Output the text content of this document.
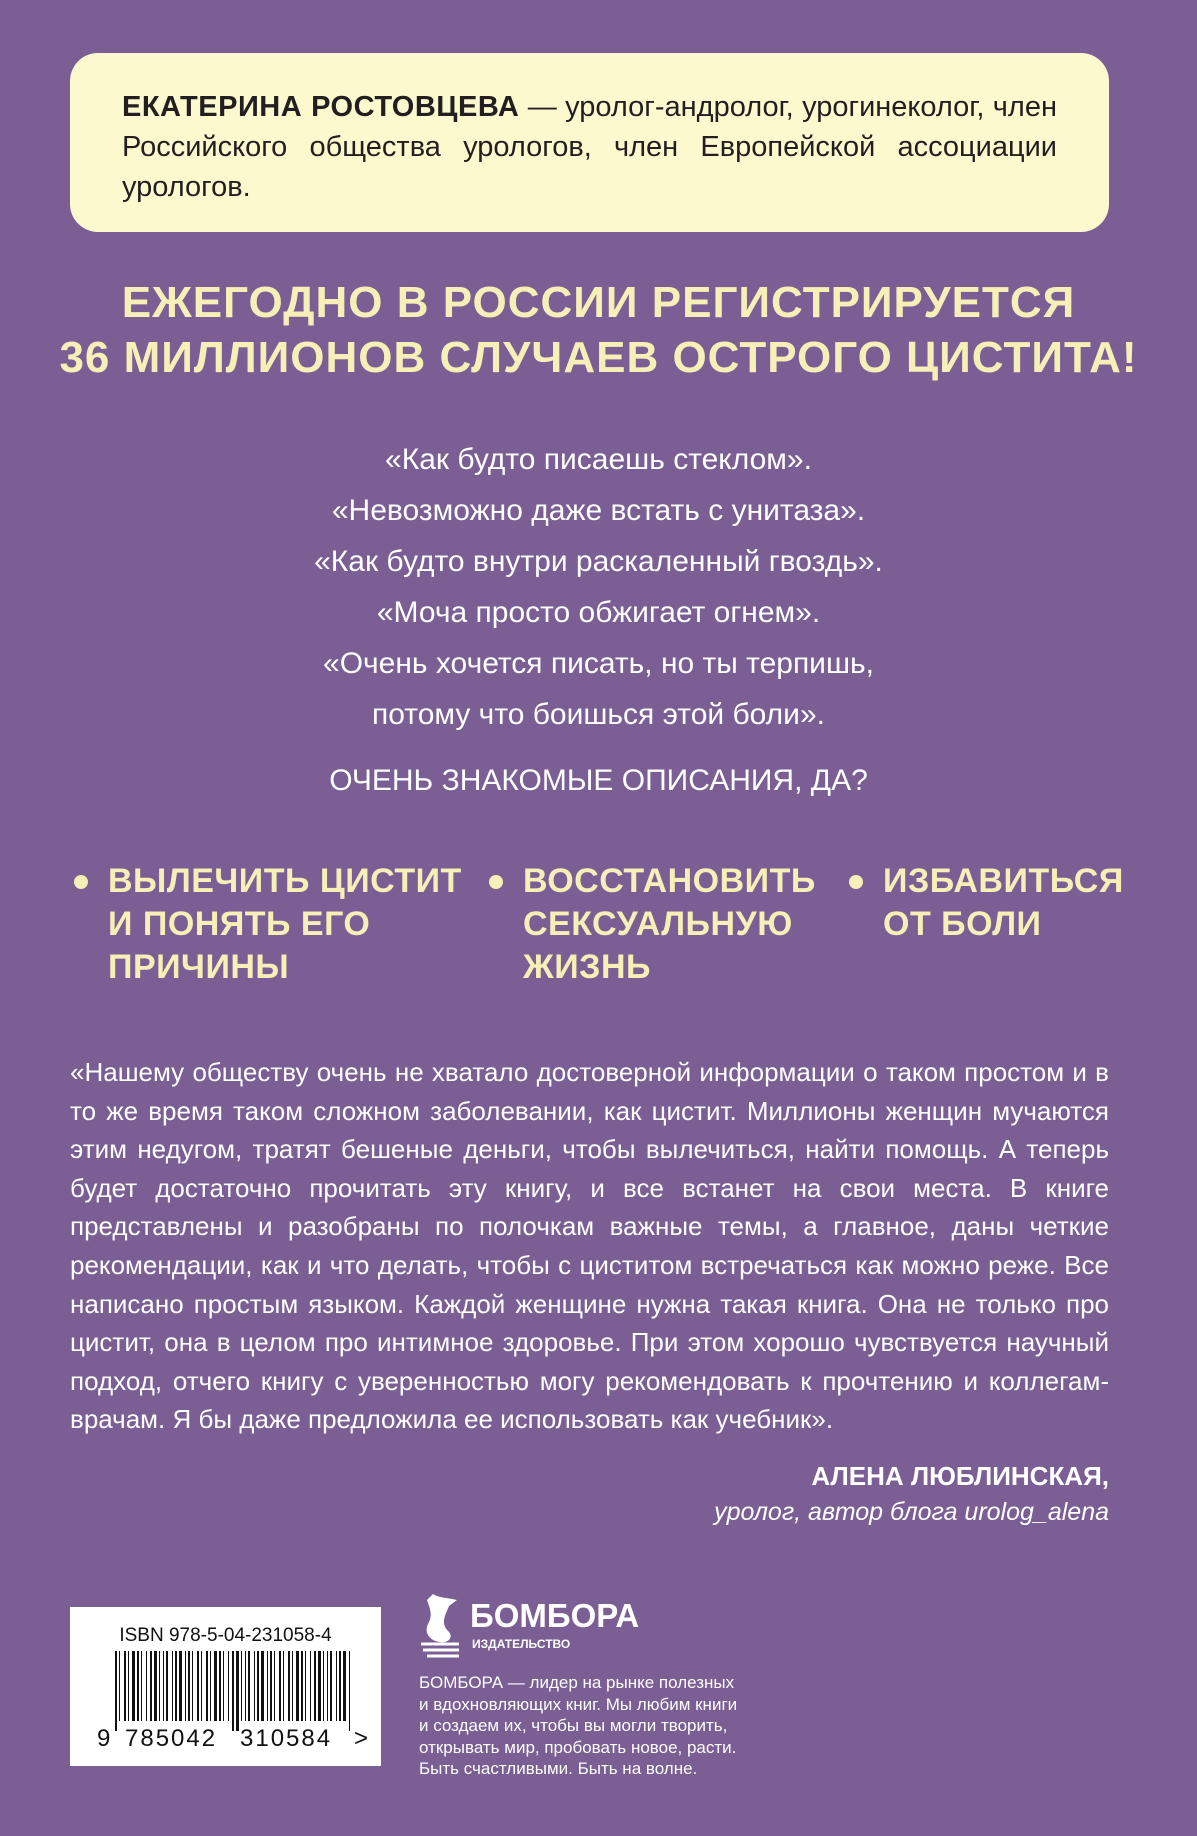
ЕКАТЕРИНА РОСТОВЦЕВА — уролог-андролог, урогинеколог, член Российского общества урологов, член Европейской ассоциации урологов.
ЕЖЕГОДНО В РОССИИ РЕГИСТРИРУЕТСЯ
36 МИЛЛИОНОВ СЛУЧАЕВ ОСТРОГО ЦИСТИТА!
«Как будто писаешь стеклом».
«Невозможно даже встать с унитаза».
«Как будто внутри раскаленный гвоздь».
«Моча просто обжигает огнем».
«Очень хочется писать, но ты терпишь,
потому что боишься этой боли».
ОЧЕНЬ ЗНАКОМЫЕ ОПИСАНИЯ, ДА?
ВЫЛЕЧИТЬ ЦИСТИТ
И ПОНЯТЬ ЕГО
ПРИЧИНЫ
ВОССТАНОВИТЬ
СЕКСУАЛЬНУЮ
ЖИЗНЬ
ИЗБАВИТЬСЯ
ОТ БОЛИ
«Нашему обществу очень не хватало достоверной информации о таком простом и в то же время таком сложном заболевании, как цистит. Миллионы женщин мучаются этим недугом, тратят бешеные деньги, чтобы вылечиться, найти помощь. А теперь будет достаточно прочитать эту книгу, и все встанет на свои места. В книге представлены и разобраны по полочкам важные темы, а главное, даны четкие рекомендации, как и что делать, чтобы с циститом встречаться как можно реже. Все написано простым языком. Каждой женщине нужна такая книга. Она не только про цистит, она в целом про интимное здоровье. При этом хорошо чувствуется научный подход, отчего книгу с уверенностью могу рекомендовать к прочтению и коллегам-врачам. Я бы даже предложила ее использовать как учебник».
АЛЕНА ЛЮБЛИНСКАЯ,
уролог, автор блога urolog_alena
ISBN 978-5-04-231058-4
9 785042 310584 >
БОМБОРА
ИЗДАТЕЛЬСТВО
БОМБОРА — лидер на рынке полезных
и вдохновляющих книг. Мы любим книги
и создаем их, чтобы вы могли творить,
открывать мир, пробовать новое, расти.
Быть счастливыми. Быть на волне.
